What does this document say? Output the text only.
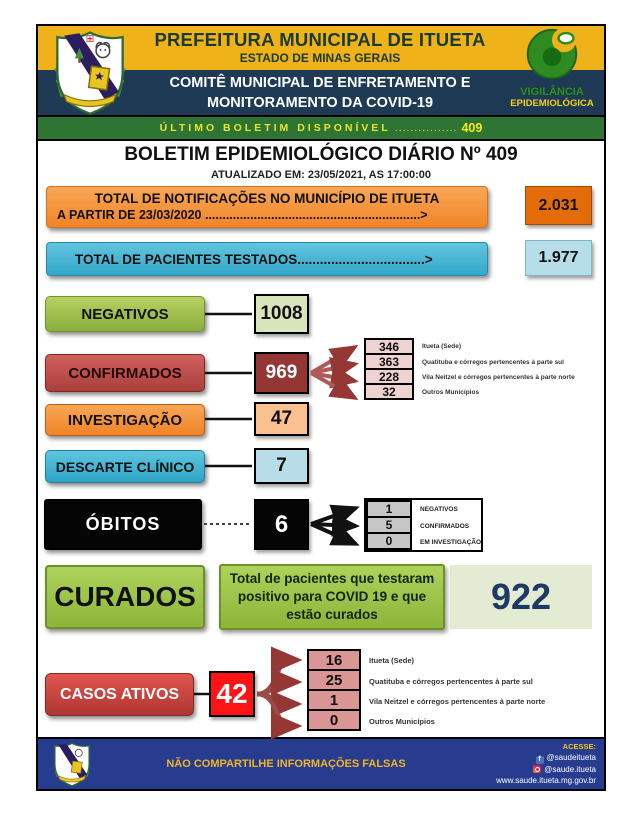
PREFEITURA MUNICIPAL DE ITUETA
ESTADO DE MINAS GERAIS
COMITÊ MUNICIPAL DE ENFRETAMENTO E
MONITORAMENTO DA COVID-19
VIGILÂNCIA
EPIDEMIOLÓGICA
ÚLTIMO BOLETIM DISPONÍVEL ................ 409
BOLETIM EPIDEMIOLÓGICO DIÁRIO Nº 409
ATUALIZADO EM: 23/05/2021, AS 17:00:00
TOTAL DE NOTIFICAÇÕES NO MUNICÍPIO DE ITUETA
A PARTIR DE 23/03/2020 ..............................................................>
2.031
TOTAL DE PACIENTES TESTADOS..................................>	1.977
NEGATIVOS	1008
CONFIRMADOS	969
346	Itueta (Sede)
363	Quatituba e córregos pertencentes à parte sul
228	Vila Neitzel e córregos pertencentes à parte norte
32	Outros Municípios
INVESTIGAÇÃO	47
DESCARTE CLÍNICO	7
ÓBITOS	6
1	NEGATIVOS
5	CONFIRMADOS
0	EM INVESTIGAÇÃO
CURADOS	922
Total de pacientes que testaram positivo para COVID 19 e que estão curados
CASOS ATIVOS	42
16	Itueta (Sede)
25	Quatituba e córregos pertencentes à parte sul
1	Vila Neitzel e córregos pertencentes à parte norte
0	Outros Municípios
NÃO COMPARTILHE INFORMAÇÕES FALSAS
ACESSE:
f@saudeitueta
@saude.itueta
www.saude.itueta.mg.gov.br
